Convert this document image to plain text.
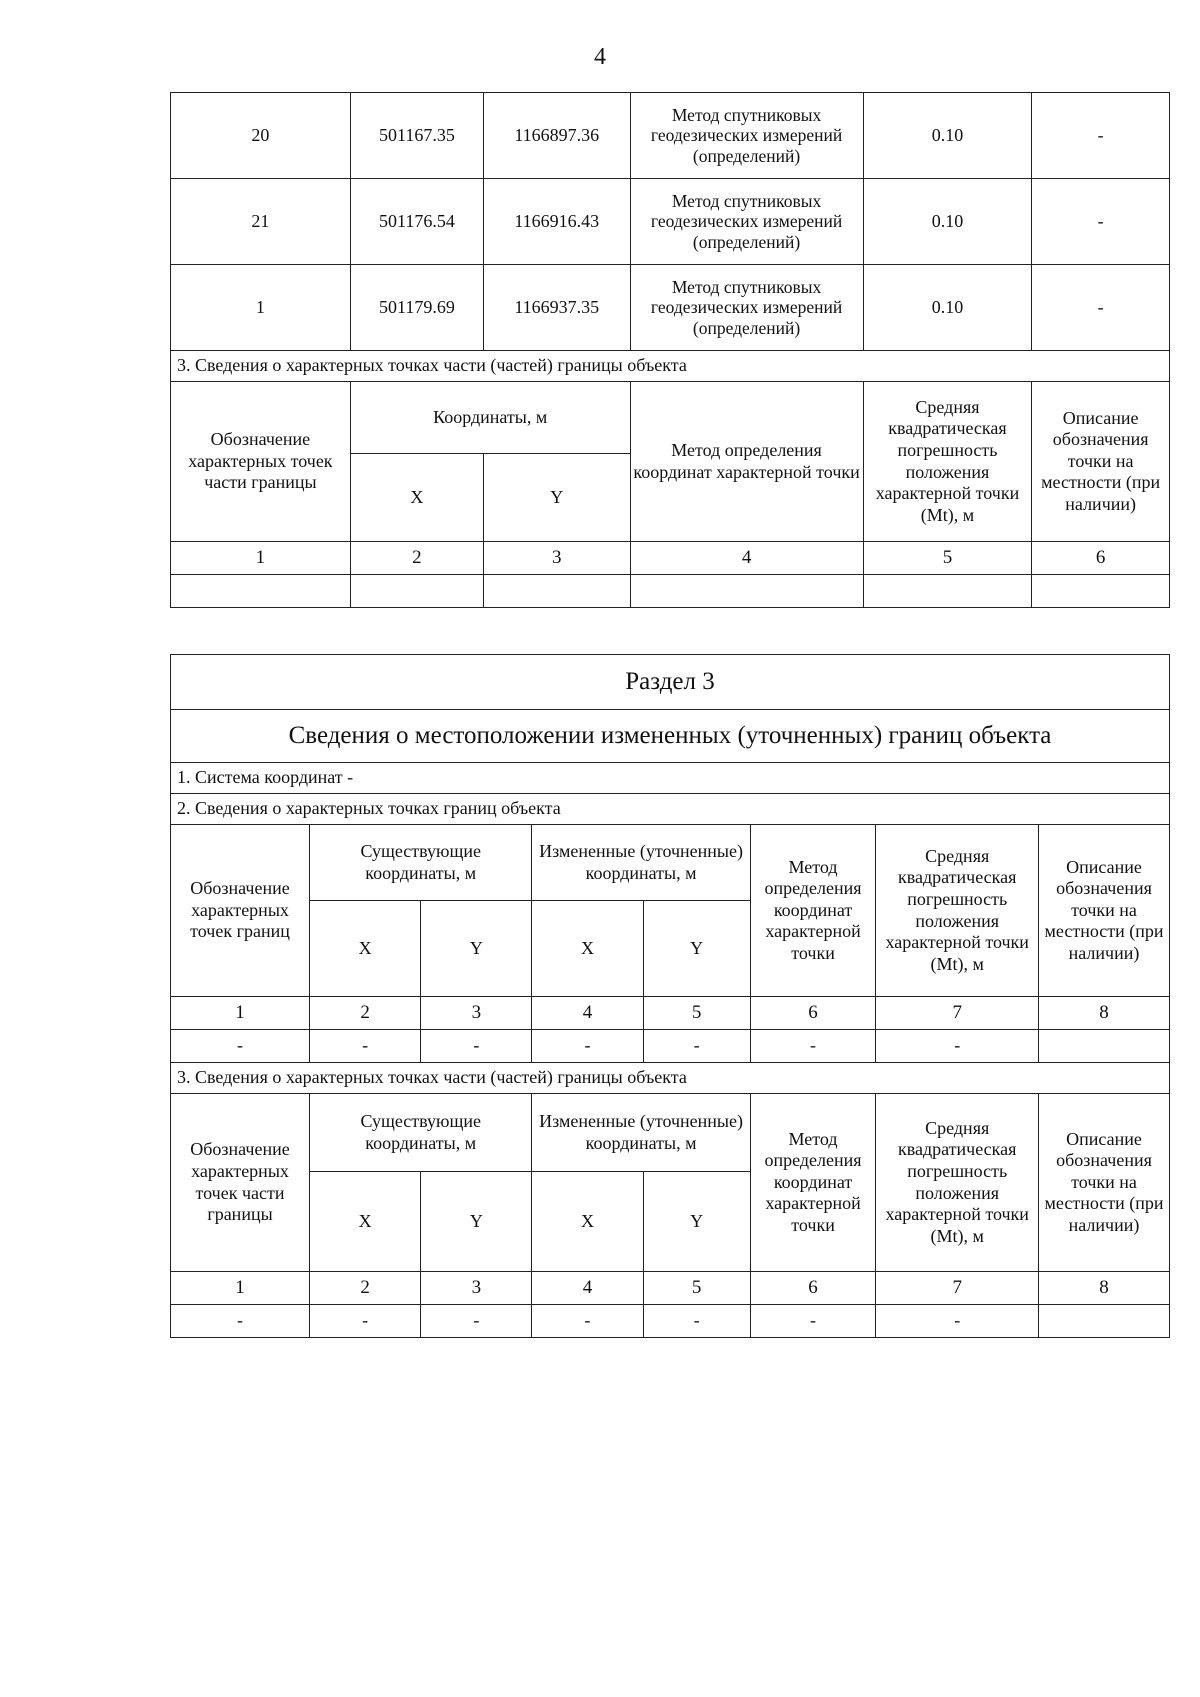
4
20	501167.35	1166897.36	Метод спутниковых геодезических измерений (определений)	0.10	-
21	501176.54	1166916.43	Метод спутниковых геодезических измерений (определений)	0.10	-
1	501179.69	1166937.35	Метод спутниковых геодезических измерений (определений)	0.10	-
3. Сведения о характерных точках части (частей) границы объекта					
Обозначение характерных точек части границы	Координаты, м		Метод определения координат характерной точки	Средняя квадратическая погрешность положения характерной точки (Mt), м	Описание обозначения точки на местности (при наличии)
	X	Y			
1	2	3	4	5	6

Раздел 3							
Сведения о местоположении измененных (уточненных) границ объекта							
1. Система координат -							
2. Сведения о характерных точках границ объекта							
Обозначение характерных точек границ	Существующие координаты, м		Измененные (уточненные) координаты, м		Метод определения координат характерной точки	Средняя квадратическая погрешность положения характерной точки (Mt), м	Описание обозначения точки на местности (при наличии)
	X	Y	X	Y			
1	2	3	4	5	6	7	8
-	-	-	-	-	-	-	
3. Сведения о характерных точках части (частей) границы объекта							
Обозначение характерных точек части границы	Существующие координаты, м		Измененные (уточненные) координаты, м		Метод определения координат характерной точки	Средняя квадратическая погрешность положения характерной точки (Mt), м	Описание обозначения точки на местности (при наличии)
	X	Y	X	Y			
1	2	3	4	5	6	7	8
-	-	-	-	-	-	-	
